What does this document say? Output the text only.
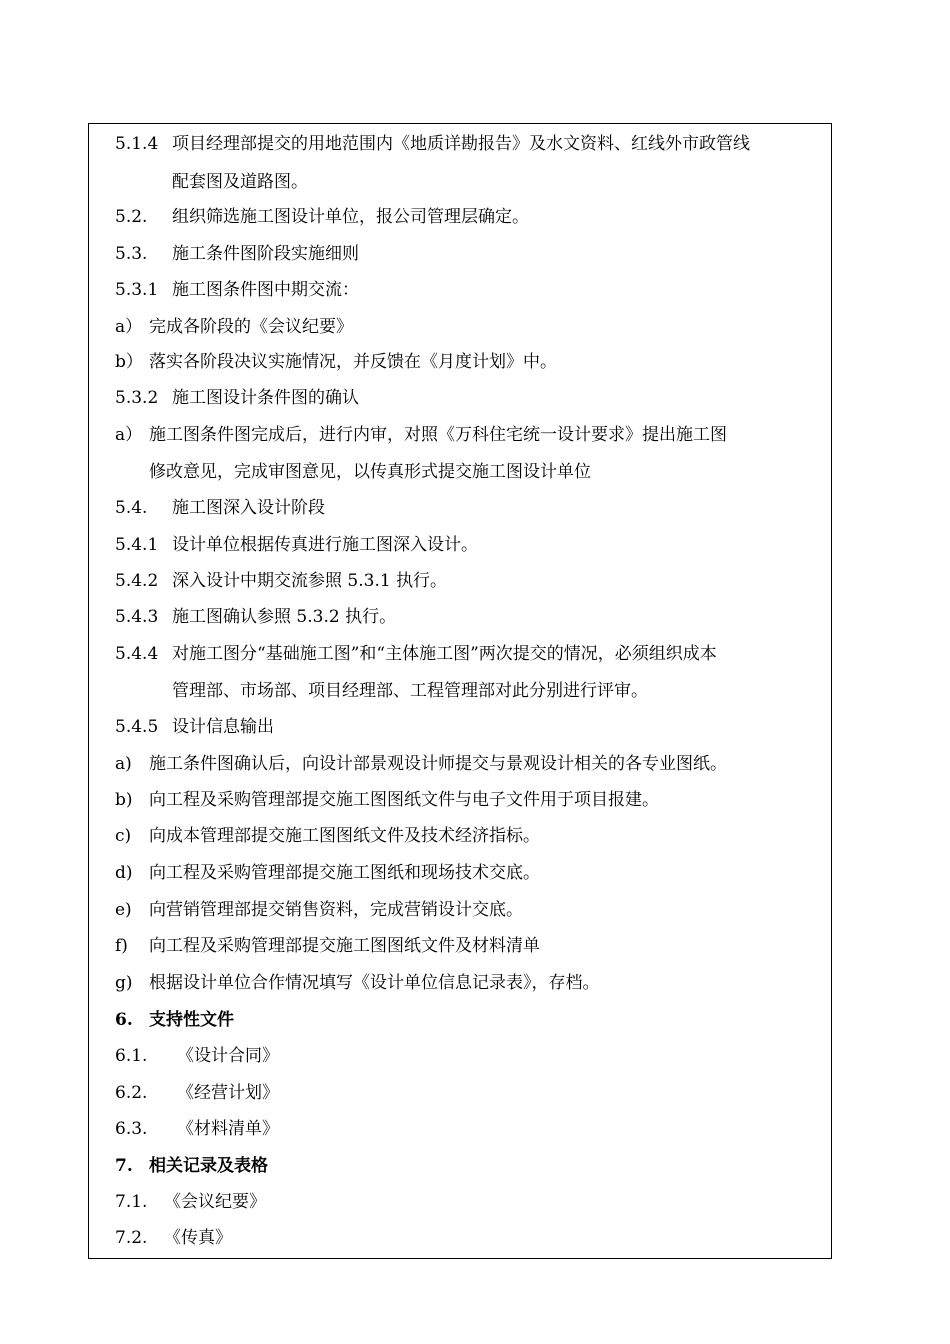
5.1.4 项目经理部提交的用地范围内《地质详勘报告》及水文资料、红线外市政管线
配套图及道路图。
5.2. 组织筛选施工图设计单位，报公司管理层确定。
5.3. 施工条件图阶段实施细则
5.3.1 施工图条件图中期交流：
a） 完成各阶段的《会议纪要》
b） 落实各阶段决议实施情况，并反馈在《月度计划》中。
5.3.2 施工图设计条件图的确认
a） 施工图条件图完成后，进行内审，对照《万科住宅统一设计要求》提出施工图
修改意见，完成审图意见，以传真形式提交施工图设计单位
5.4. 施工图深入设计阶段
5.4.1 设计单位根据传真进行施工图深入设计。
5.4.2 深入设计中期交流参照 5.3.1 执行。
5.4.3 施工图确认参照 5.3.2 执行。
5.4.4 对施工图分“基础施工图”和“主体施工图”两次提交的情况，必须组织成本
管理部、市场部、项目经理部、工程管理部对此分别进行评审。
5.4.5 设计信息输出
a) 施工条件图确认后，向设计部景观设计师提交与景观设计相关的各专业图纸。
b) 向工程及采购管理部提交施工图图纸文件与电子文件用于项目报建。
c) 向成本管理部提交施工图图纸文件及技术经济指标。
d) 向工程及采购管理部提交施工图纸和现场技术交底。
e) 向营销管理部提交销售资料，完成营销设计交底。
f) 向工程及采购管理部提交施工图图纸文件及材料清单
g) 根据设计单位合作情况填写《设计单位信息记录表》，存档。
6. 支持性文件
6.1. 《设计合同》
6.2. 《经营计划》
6.3. 《材料清单》
7. 相关记录及表格
7.1. 《会议纪要》
7.2. 《传真》
